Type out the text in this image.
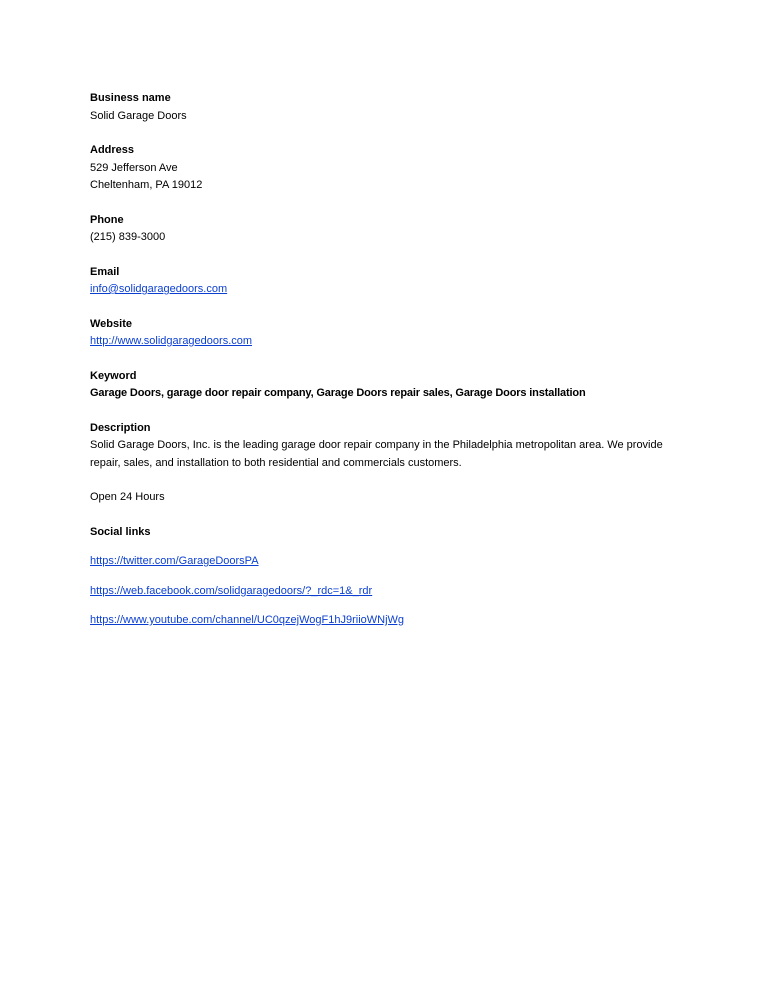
Business name
Solid Garage Doors
Address
529 Jefferson Ave
Cheltenham, PA 19012
Phone
(215) 839-3000
Email
info@solidgaragedoors.com
Website
http://www.solidgaragedoors.com
Keyword
Garage Doors, garage door repair company, Garage Doors repair sales, Garage Doors installation
Description
Solid Garage Doors, Inc. is the leading garage door repair company in the Philadelphia metropolitan area. We provide repair, sales, and installation to both residential and commercials customers.
Open 24 Hours
Social links
https://twitter.com/GarageDoorsPA
https://web.facebook.com/solidgaragedoors/?_rdc=1&_rdr
https://www.youtube.com/channel/UC0qzejWogF1hJ9riioWNjWg
